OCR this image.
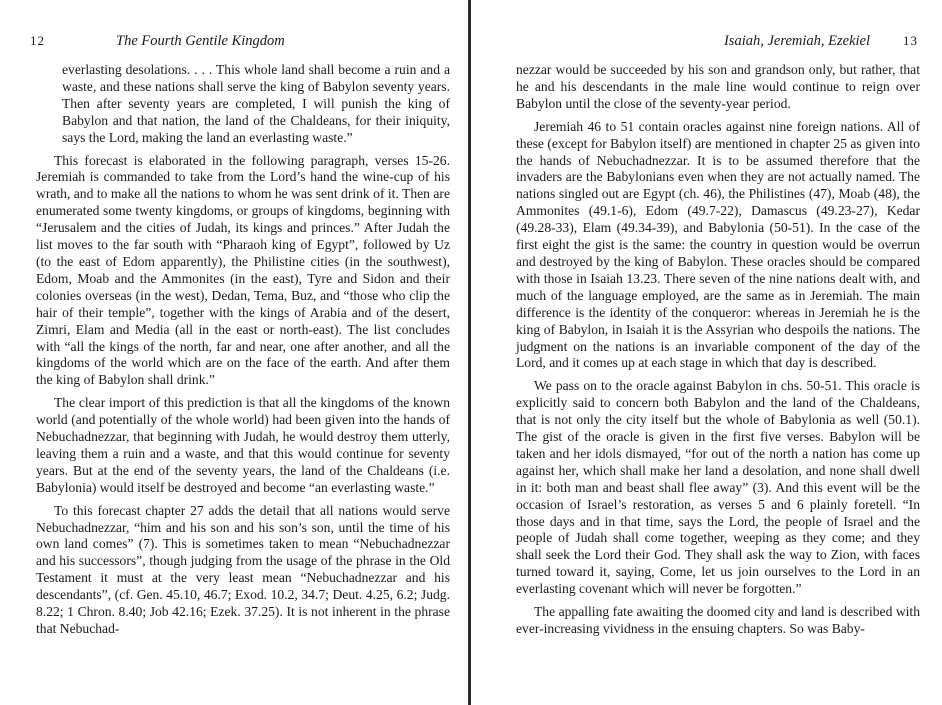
12	The Fourth Gentile Kingdom

everlasting desolations. . . . This whole land shall become a ruin and a waste, and these nations shall serve the king of Babylon seventy years. Then after seventy years are completed, I will punish the king of Babylon and that nation, the land of the Chaldeans, for their iniquity, says the Lord, making the land an everlasting waste.”

This forecast is elaborated in the following paragraph, verses 15-26. Jeremiah is commanded to take from the Lord’s hand the wine-cup of his wrath, and to make all the nations to whom he was sent drink of it. Then are enumerated some twenty kingdoms, or groups of kingdoms, beginning with “Jerusalem and the cities of Judah, its kings and princes.” After Judah the list moves to the far south with “Pharaoh king of Egypt”, followed by Uz (to the east of Edom apparently), the Philistine cities (in the southwest), Edom, Moab and the Ammonites (in the east), Tyre and Sidon and their colonies overseas (in the west), Dedan, Tema, Buz, and “those who clip the hair of their temple”, together with the kings of Arabia and of the desert, Zimri, Elam and Media (all in the east or north-east). The list concludes with “all the kings of the north, far and near, one after another, and all the kingdoms of the world which are on the face of the earth. And after them the king of Babylon shall drink.”

The clear import of this prediction is that all the kingdoms of the known world (and potentially of the whole world) had been given into the hands of Nebuchadnezzar, that beginning with Judah, he would destroy them utterly, leaving them a ruin and a waste, and that this would continue for seventy years. But at the end of the seventy years, the land of the Chaldeans (i.e. Babylonia) would itself be destroyed and become “an everlasting waste.”

To this forecast chapter 27 adds the detail that all nations would serve Nebuchadnezzar, “him and his son and his son’s son, until the time of his own land comes” (7). This is sometimes taken to mean “Nebuchadnezzar and his successors”, though judging from the usage of the phrase in the Old Testament it must at the very least mean “Nebuchadnezzar and his descendants”, (cf. Gen. 45.10, 46.7; Exod. 10.2, 34.7; Deut. 4.25, 6.2; Judg. 8.22; 1 Chron. 8.40; Job 42.16; Ezek. 37.25). It is not inherent in the phrase that Nebuchad-

Isaiah, Jeremiah, Ezekiel	13

nezzar would be succeeded by his son and grandson only, but rather, that he and his descendants in the male line would continue to reign over Babylon until the close of the seventy-year period.

Jeremiah 46 to 51 contain oracles against nine foreign nations. All of these (except for Babylon itself) are mentioned in chapter 25 as given into the hands of Nebuchadnezzar. It is to be assumed therefore that the invaders are the Babylonians even when they are not actually named. The nations singled out are Egypt (ch. 46), the Philistines (47), Moab (48), the Ammonites (49.1-6), Edom (49.7-22), Damascus (49.23-27), Kedar (49.28-33), Elam (49.34-39), and Babylonia (50-51). In the case of the first eight the gist is the same: the country in question would be overrun and destroyed by the king of Babylon. These oracles should be compared with those in Isaiah 13.23. There seven of the nine nations dealt with, and much of the language employed, are the same as in Jeremiah. The main difference is the identity of the conqueror: whereas in Jeremiah he is the king of Babylon, in Isaiah it is the Assyrian who despoils the nations. The judgment on the nations is an invariable component of the day of the Lord, and it comes up at each stage in which that day is described.

We pass on to the oracle against Babylon in chs. 50-51. This oracle is explicitly said to concern both Babylon and the land of the Chaldeans, that is not only the city itself but the whole of Babylonia as well (50.1). The gist of the oracle is given in the first five verses. Babylon will be taken and her idols dismayed, “for out of the north a nation has come up against her, which shall make her land a desolation, and none shall dwell in it: both man and beast shall flee away” (3). And this event will be the occasion of Israel’s restoration, as verses 5 and 6 plainly foretell. “In those days and in that time, says the Lord, the people of Israel and the people of Judah shall come together, weeping as they come; and they shall seek the Lord their God. They shall ask the way to Zion, with faces turned toward it, saying, Come, let us join ourselves to the Lord in an everlasting covenant which will never be forgotten.”

The appalling fate awaiting the doomed city and land is described with ever-increasing vividness in the ensuing chapters. So was Baby-
